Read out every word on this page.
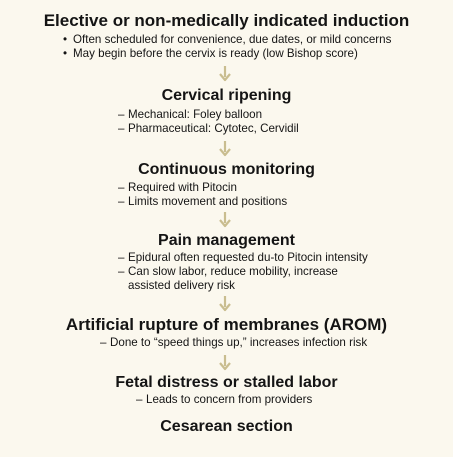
Elective or non-medically indicated induction
• Often scheduled for convenience, due dates, or mild concerns
• May begin before the cervix is ready (low Bishop score)
Cervical ripening
– Mechanical: Foley balloon
– Pharmaceutical: Cytotec, Cervidil
Continuous monitoring
– Required with Pitocin
– Limits movement and positions
Pain management
– Epidural often requested du-to Pitocin intensity
– Can slow labor, reduce mobility, increase
assisted delivery risk
Artificial rupture of membranes (AROM)
– Done to “speed things up,” increases infection risk
Fetal distress or stalled labor
– Leads to concern from providers
Cesarean section
